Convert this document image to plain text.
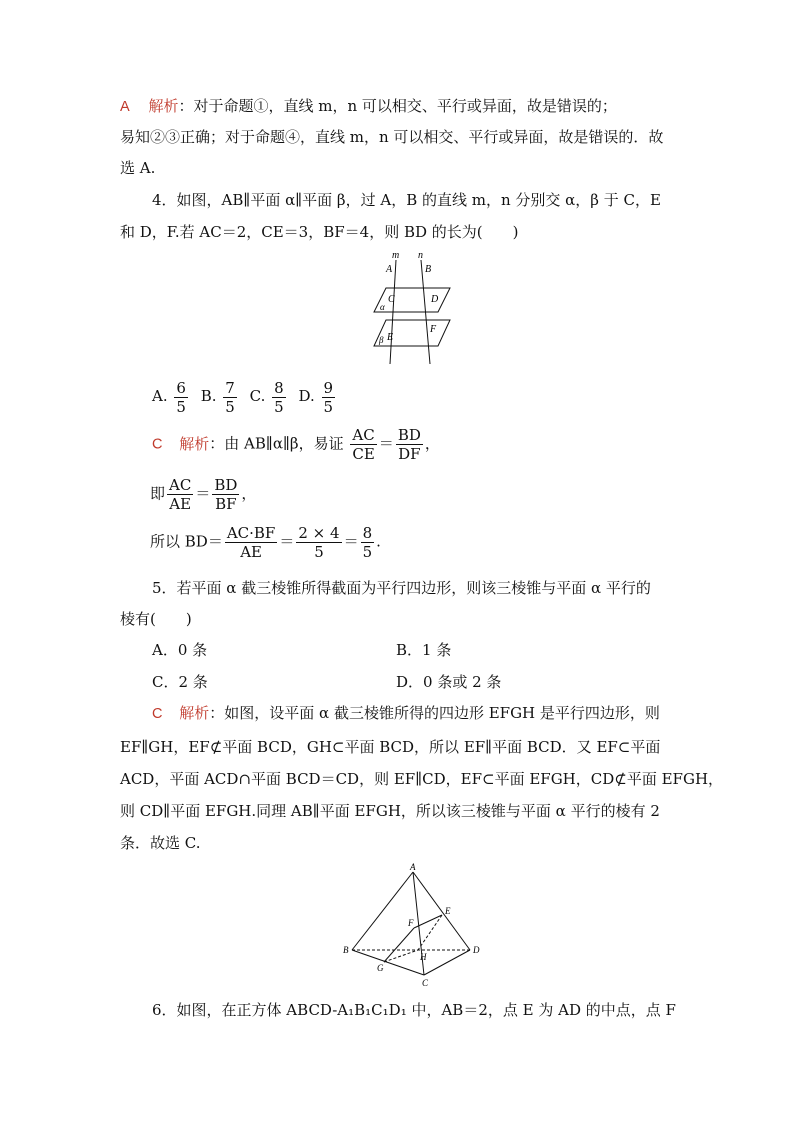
A 解析：对于命题①，直线 m，n 可以相交、平行或异面，故是错误的；
易知②③正确；对于命题④，直线 m，n 可以相交、平行或异面，故是错误的．故
选 A.
4．如图，AB∥平面 α∥平面 β，过 A，B 的直线 m，n 分别交 α，β 于 C，E
和 D，F.若 AC＝2，CE＝3，BF＝4，则 BD 的长为(　　)
m n
A	B
α
C	D
β E
F
A. $\frac{6}{5} B$. $\frac{7}{5} C$. $\frac{8}{5} D$. $\frac{9}{5}$
C 解析：由 AB∥α∥β，易证 $\frac{AC}{CE} = \frac{BD}{DF}$ ，
即 $\frac{AC}{AE} = \frac{BD}{BF}$ ，
所以 $BD= \frac{AC\cdot BF}{AE} = \frac{2 \times 4}{5} = \frac{8}{5}$ .
5．若平面 α 截三棱锥所得截面为平行四边形，则该三棱锥与平面 α 平行的
棱有(　　)
A．0 条	B．1 条
C．2 条	D．0 条或 2 条
C 解析：如图，设平面 α 截三棱锥所得的四边形 EFGH 是平行四边形，则
EF∥GH，EF⊄平面 BCD，GH⊂平面 BCD，所以 EF∥平面 BCD．又 EF⊂平面
ACD，平面 ACD∩平面 BCD＝CD，则 EF∥CD，EF⊂平面 EFGH，CD⊄平面 EFGH，
则 CD∥平面 EFGH.同理 AB∥平面 EFGH，所以该三棱锥与平面 α 平行的棱有 2
条．故选 C.
A
B
C
D
E
F
G
H
6．如图，在正方体 ABCD-A₁B₁C₁D₁ 中，AB＝2，点 E 为 AD 的中点，点 F
